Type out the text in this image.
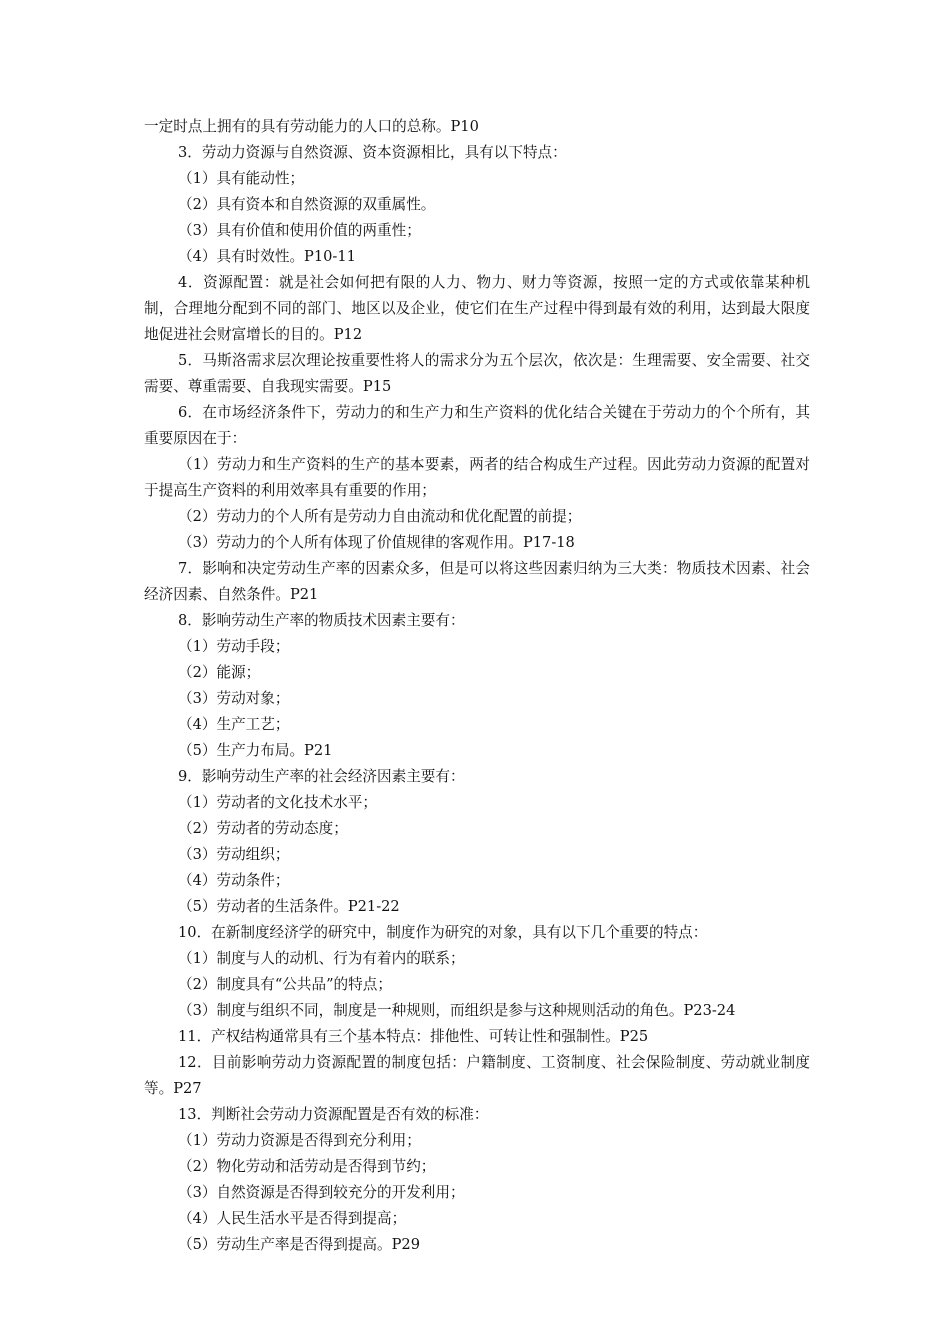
一定时点上拥有的具有劳动能力的人口的总称。P10
3．劳动力资源与自然资源、资本资源相比，具有以下特点：
（1）具有能动性；
（2）具有资本和自然资源的双重属性。
（3）具有价值和使用价值的两重性；
（4）具有时效性。P10-11
4．资源配置：就是社会如何把有限的人力、物力、财力等资源，按照一定的方式或依靠某种机制，合理地分配到不同的部门、地区以及企业，使它们在生产过程中得到最有效的利用，达到最大限度地促进社会财富增长的目的。P12
5．马斯洛需求层次理论按重要性将人的需求分为五个层次，依次是：生理需要、安全需要、社交需要、尊重需要、自我现实需要。P15
6．在市场经济条件下，劳动力的和生产力和生产资料的优化结合关键在于劳动力的个个所有，其重要原因在于：
（1）劳动力和生产资料的生产的基本要素，两者的结合构成生产过程。因此劳动力资源的配置对于提高生产资料的利用效率具有重要的作用；
（2）劳动力的个人所有是劳动力自由流动和优化配置的前提；
（3）劳动力的个人所有体现了价值规律的客观作用。P17-18
7．影响和决定劳动生产率的因素众多，但是可以将这些因素归纳为三大类：物质技术因素、社会经济因素、自然条件。P21
8．影响劳动生产率的物质技术因素主要有：
（1）劳动手段；
（2）能源；
（3）劳动对象；
（4）生产工艺；
（5）生产力布局。P21
9．影响劳动生产率的社会经济因素主要有：
（1）劳动者的文化技术水平；
（2）劳动者的劳动态度；
（3）劳动组织；
（4）劳动条件；
（5）劳动者的生活条件。P21-22
10．在新制度经济学的研究中，制度作为研究的对象，具有以下几个重要的特点：
（1）制度与人的动机、行为有着内的联系；
（2）制度具有“公共品”的特点；
（3）制度与组织不同，制度是一种规则，而组织是参与这种规则活动的角色。P23-24
11．产权结构通常具有三个基本特点：排他性、可转让性和强制性。P25
12．目前影响劳动力资源配置的制度包括：户籍制度、工资制度、社会保险制度、劳动就业制度等。P27
13．判断社会劳动力资源配置是否有效的标准：
（1）劳动力资源是否得到充分利用；
（2）物化劳动和活劳动是否得到节约；
（3）自然资源是否得到较充分的开发利用；
（4）人民生活水平是否得到提高；
（5）劳动生产率是否得到提高。P29
